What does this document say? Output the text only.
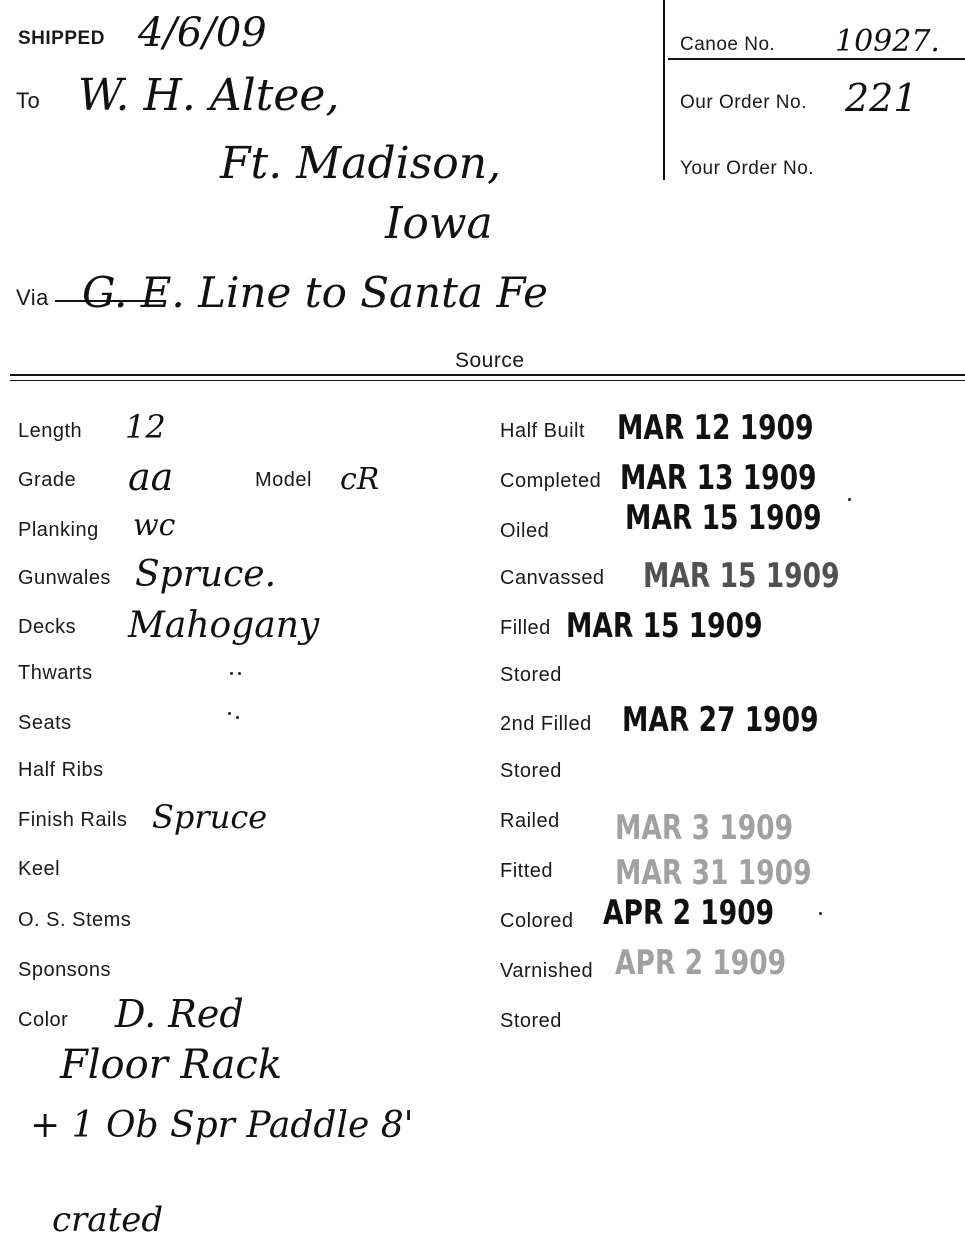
SHIPPED 4/6/09
To W. H. Altee,
Ft. Madison,
Iowa
Via G. E. Line to Santa Fe
Canoe No. 10927.
Our Order No. 221
Your Order No.
Source
Length 12
Grade aa	Model cR
Planking wc
Gunwales Spruce.
Decks Mahogany
Thwarts
Seats
Half Ribs
Finish Rails Spruce
Keel
O. S. Stems
Sponsons
Color D. Red
Floor Rack
+ 1 Ob Spr Paddle 8'
crated
Half Built
Completed
Oiled
Canvassed
Filled
Stored
2nd Filled
Stored
Railed
Fitted
Colored
Varnished
Stored
MAR 12 1909
MAR 13 1909
MAR 15 1909
MAR 15 1909
MAR 15 1909
MAR 27 1909
MAR 3 1909
MAR 31 1909
APR 2 1909
APR 2 1909
